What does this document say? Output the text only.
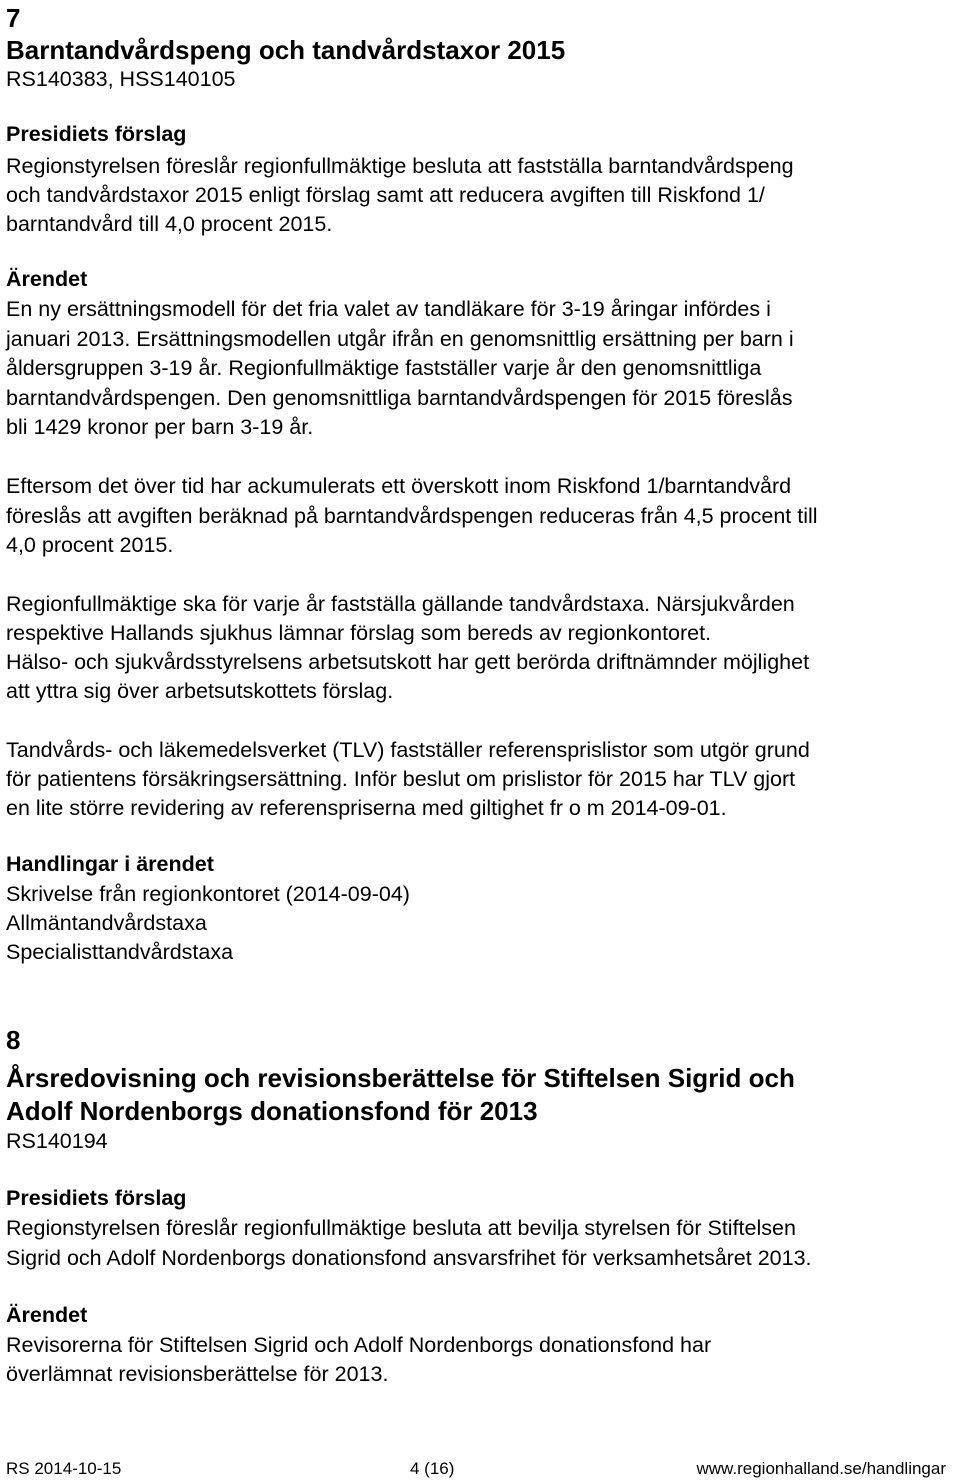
7
Barntandvårdspeng och tandvårdstaxor 2015
RS140383, HSS140105
Presidiets förslag
Regionstyrelsen föreslår regionfullmäktige besluta att fastställa barntandvårdspeng
och tandvårdstaxor 2015 enligt förslag samt att reducera avgiften till Riskfond 1/
barntandvård till 4,0 procent 2015.
Ärendet
En ny ersättningsmodell för det fria valet av tandläkare för 3-19 åringar infördes i
januari 2013. Ersättningsmodellen utgår ifrån en genomsnittlig ersättning per barn i
åldersgruppen 3-19 år. Regionfullmäktige fastställer varje år den genomsnittliga
barntandvårdspengen. Den genomsnittliga barntandvårdspengen för 2015 föreslås
bli 1429 kronor per barn 3-19 år.
Eftersom det över tid har ackumulerats ett överskott inom Riskfond 1/barntandvård
föreslås att avgiften beräknad på barntandvårdspengen reduceras från 4,5 procent till
4,0 procent 2015.
Regionfullmäktige ska för varje år fastställa gällande tandvårdstaxa. Närsjukvården
respektive Hallands sjukhus lämnar förslag som bereds av regionkontoret.
Hälso- och sjukvårdsstyrelsens arbetsutskott har gett berörda driftnämnder möjlighet
att yttra sig över arbetsutskottets förslag.
Tandvårds- och läkemedelsverket (TLV) fastställer referensprislistor som utgör grund
för patientens försäkringsersättning. Inför beslut om prislistor för 2015 har TLV gjort
en lite större revidering av referenspriserna med giltighet fr o m 2014-09-01.
Handlingar i ärendet
Skrivelse från regionkontoret (2014-09-04)
Allmäntandvårdstaxa
Specialisttandvårdstaxa
8
Årsredovisning och revisionsberättelse för Stiftelsen Sigrid och
Adolf Nordenborgs donationsfond för 2013
RS140194
Presidiets förslag
Regionstyrelsen föreslår regionfullmäktige besluta att bevilja styrelsen för Stiftelsen
Sigrid och Adolf Nordenborgs donationsfond ansvarsfrihet för verksamhetsåret 2013.
Ärendet
Revisorerna för Stiftelsen Sigrid och Adolf Nordenborgs donationsfond har
överlämnat revisionsberättelse för 2013.
RS 2014-10-15	4 (16)	www.regionhalland.se/handlingar
